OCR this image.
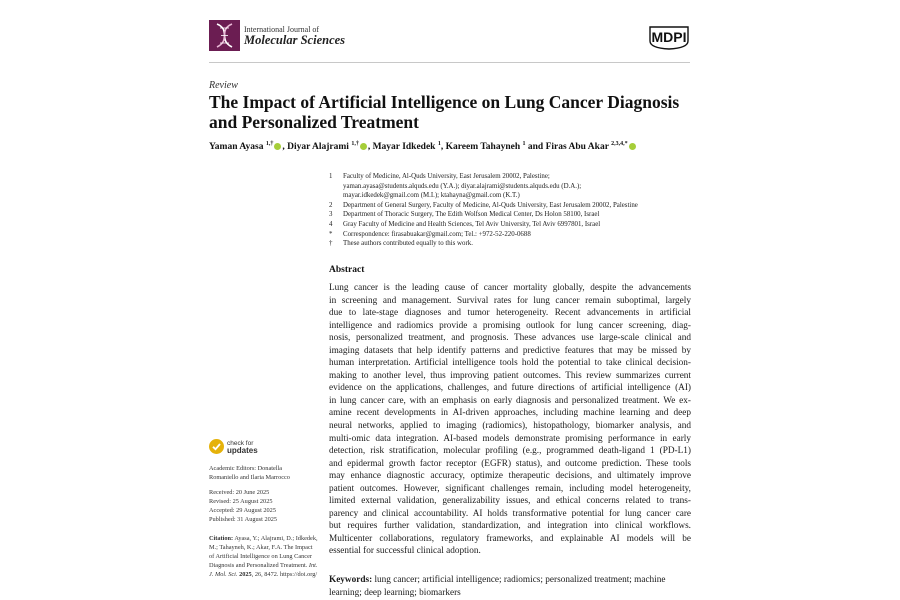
International Journal of
Molecular Sciences	MDPI
Review
The Impact of Artificial Intelligence on Lung Cancer Diagnosis and Personalized Treatment
Yaman Ayasa $^{1,\dagger}$ , Diyar Alajrami $^{1,\dagger}$ , Mayar Idkedek $^1$, Kareem Tahayneh $^1$ and Firas Abu Akar $^{2,3,4,*}$
1	Faculty of Medicine, Al-Quds University, East Jerusalem 20002, Palestine;
yaman.ayasa@students.alquds.edu (Y.A.); diyar.alajrami@students.alquds.edu (D.A.);
mayar.idkedek@gmail.com (M.I.); ktahayna@gmail.com (K.T.)
2	Department of General Surgery, Faculty of Medicine, Al-Quds University, East Jerusalem 20002, Palestine
3	Department of Thoracic Surgery, The Edith Wolfson Medical Center, Ds Holon 58100, Israel
4	Gray Faculty of Medicine and Health Sciences, Tel Aviv University, Tel Aviv 6997801, Israel
*	Correspondence: firasabuakar@gmail.com; Tel.: +972-52-220-0688
†	These authors contributed equally to this work.
Abstract
Lung cancer is the leading cause of cancer mortality globally, despite the advancements
in screening and management. Survival rates for lung cancer remain suboptimal, largely
due to late-stage diagnoses and tumor heterogeneity. Recent advancements in artificial
intelligence and radiomics provide a promising outlook for lung cancer screening, diag-
nosis, personalized treatment, and prognosis. These advances use large-scale clinical and
imaging datasets that help identify patterns and predictive features that may be missed by
human interpretation. Artificial intelligence tools hold the potential to take clinical decision-
making to another level, thus improving patient outcomes. This review summarizes current
evidence on the applications, challenges, and future directions of artificial intelligence (AI)
in lung cancer care, with an emphasis on early diagnosis and personalized treatment. We ex-
amine recent developments in AI-driven approaches, including machine learning and deep
neural networks, applied to imaging (radiomics), histopathology, biomarker analysis, and
multi-omic data integration. AI-based models demonstrate promising performance in early
detection, risk stratification, molecular profiling (e.g., programmed death-ligand 1 (PD-L1)
and epidermal growth factor receptor (EGFR) status), and outcome prediction. These tools
may enhance diagnostic accuracy, optimize therapeutic decisions, and ultimately improve
patient outcomes. However, significant challenges remain, including model heterogeneity,
limited external validation, generalizability issues, and ethical concerns related to trans-
parency and clinical accountability. AI holds transformative potential for lung cancer care
but requires further validation, standardization, and integration into clinical workflows.
Multicenter collaborations, regulatory frameworks, and explainable AI models will be
essential for successful clinical adoption.
Keywords: lung cancer; artificial intelligence; radiomics; personalized treatment; machine learning; deep learning; biomarkers
check for
updates
Academic Editors: Donatella
Romaniello and Ilaria Marrocco
Received: 20 June 2025
Revised: 25 August 2025
Accepted: 29 August 2025
Published: 31 August 2025
Citation: Ayasa, Y.; Alajrami, D.; Idkedek, M.; Tahayneh, K.; Akar, F.A. The Impact of Artificial Intelligence on Lung Cancer Diagnosis and Personalized Treatment. Int. J. Mol. Sci. 2025, 26, 8472. https://doi.org/
